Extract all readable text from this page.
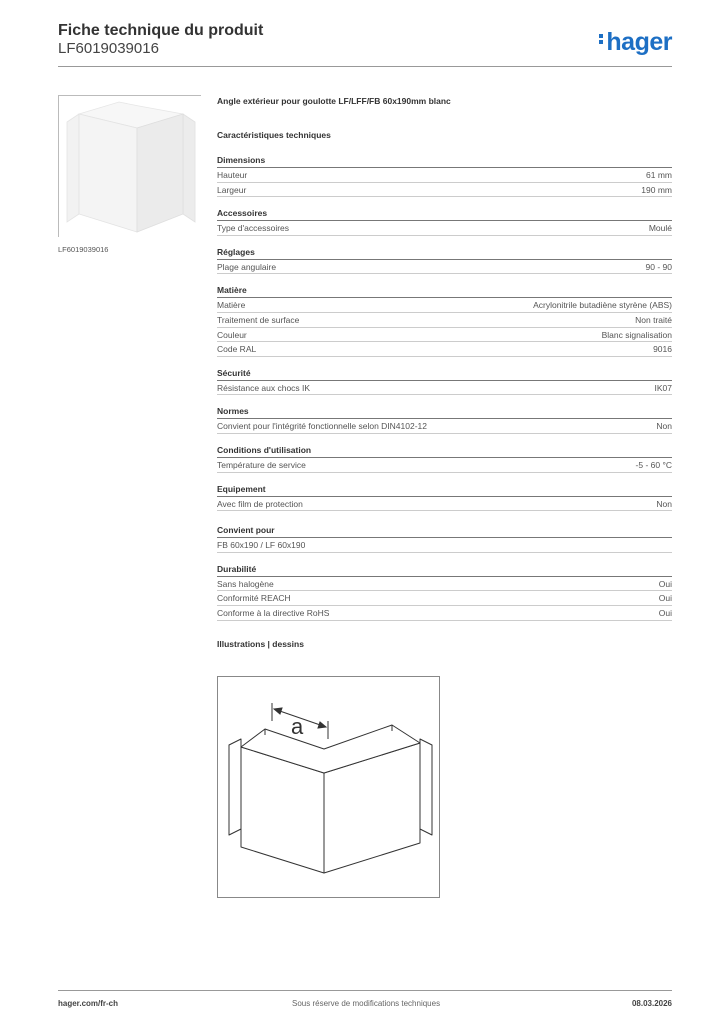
Fiche technique du produit
LF6019039016	hager
LF6019039016
Angle extérieur pour goulotte LF/LFF/FB 60x190mm blanc
Caractéristiques techniques
Dimensions
Hauteur	61 mm
Largeur	190 mm
Accessoires
Type d'accessoires	Moulé
Réglages
Plage angulaire	90 - 90
Matière
Matière	Acrylonitrile butadiène styrène (ABS)
Traitement de surface	Non traité
Couleur	Blanc signalisation
Code RAL	9016
Sécurité
Résistance aux chocs IK	IK07
Normes
Convient pour l'intégrité fonctionnelle selon DIN4102-12	Non
Conditions d'utilisation
Température de service	-5 - 60 °C
Equipement
Avec film de protection	Non
Convient pour
FB 60x190 / LF 60x190
Durabilité
Sans halogène	Oui
Conformité REACH	Oui
Conforme à la directive RoHS	Oui
Illustrations | dessins
a
hager.com/fr-ch	Sous réserve de modifications techniques	08.03.2026
